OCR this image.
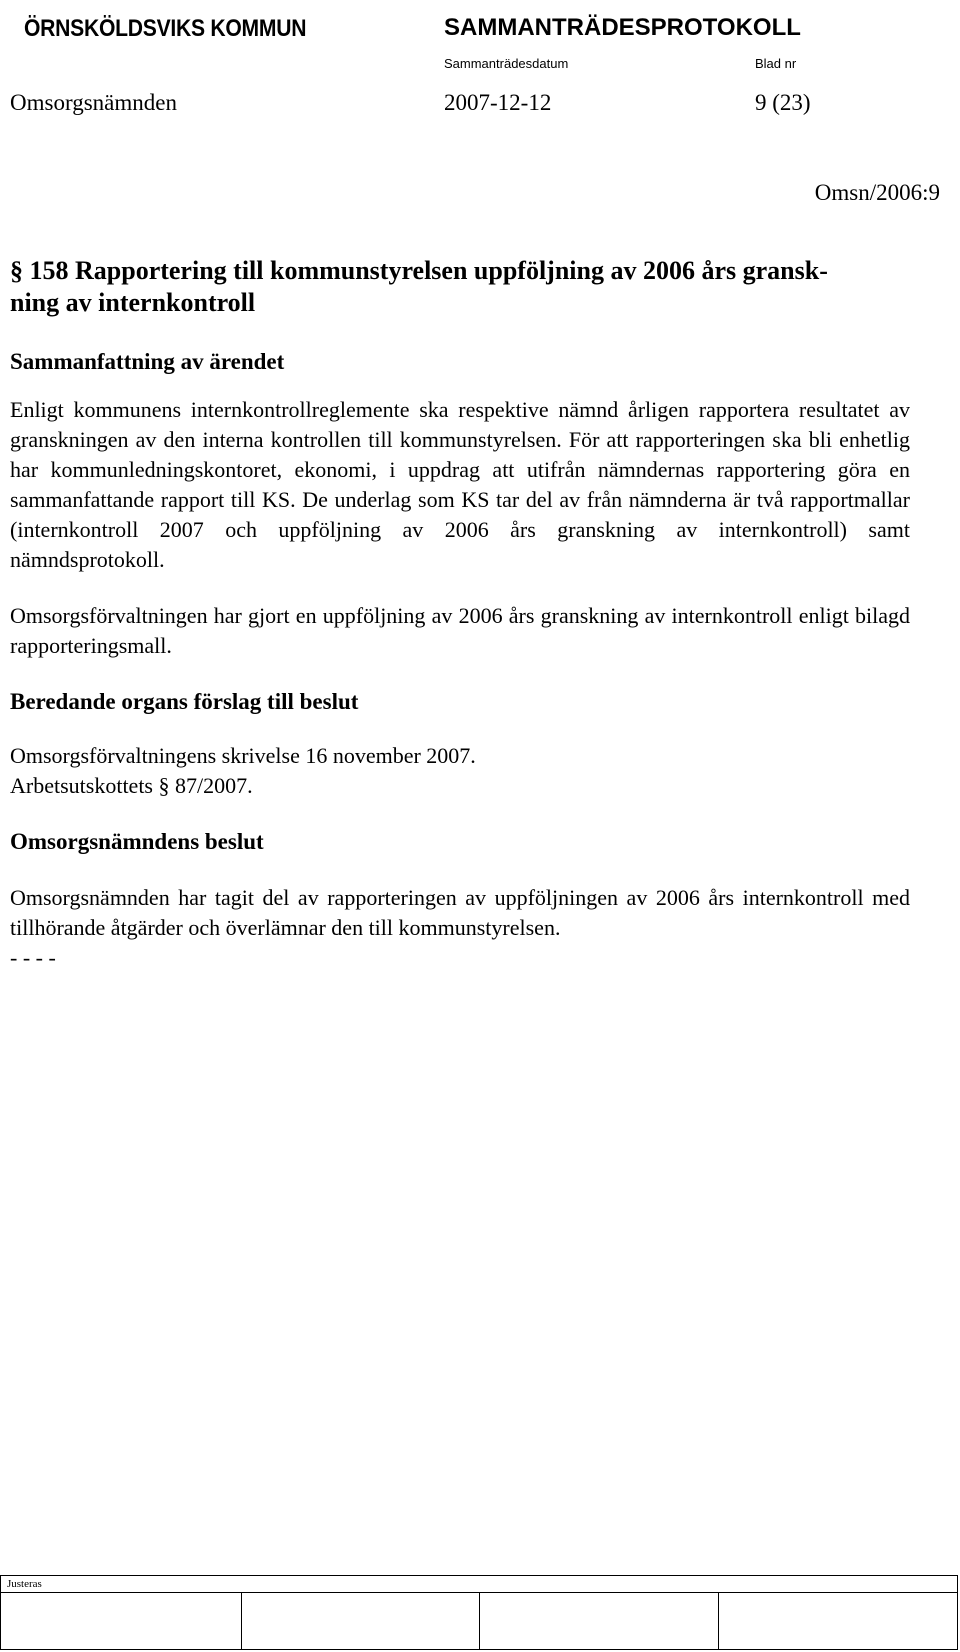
ÖRNSKÖLDSVIKS KOMMUN	SAMMANTRÄDESPROTOKOLL
Sammanträdesdatum	Blad nr
Omsorgsnämnden	2007-12-12	9 (23)
Omsn/2006:9
§ 158 Rapportering till kommunstyrelsen uppföljning av 2006 års gransk-
ning av internkontroll
Sammanfattning av ärendet

Enligt kommunens internkontrollreglemente ska respektive nämnd årligen rapportera resultatet av granskningen av den interna kontrollen till kommunstyrelsen. För att rapporteringen ska bli enhetlig har kommunledningskontoret, ekonomi, i uppdrag att utifrån nämndernas rapportering göra en sammanfattande rapport till KS. De underlag som KS tar del av från nämnderna är två rapportmallar (internkontroll 2007 och uppföljning av 2006 års granskning av internkontroll) samt nämndsprotokoll.

Omsorgsförvaltningen har gjort en uppföljning av 2006 års granskning av internkontroll enligt bilagd rapporteringsmall.

Beredande organs förslag till beslut
Omsorgsförvaltningens skrivelse 16 november 2007.
Arbetsutskottets § 87/2007.
Omsorgsnämndens beslut

Omsorgsnämnden har tagit del av rapporteringen av uppföljningen av 2006 års internkontroll med tillhörande åtgärder och överlämnar den till kommunstyrelsen.

- - - -
Justeras
